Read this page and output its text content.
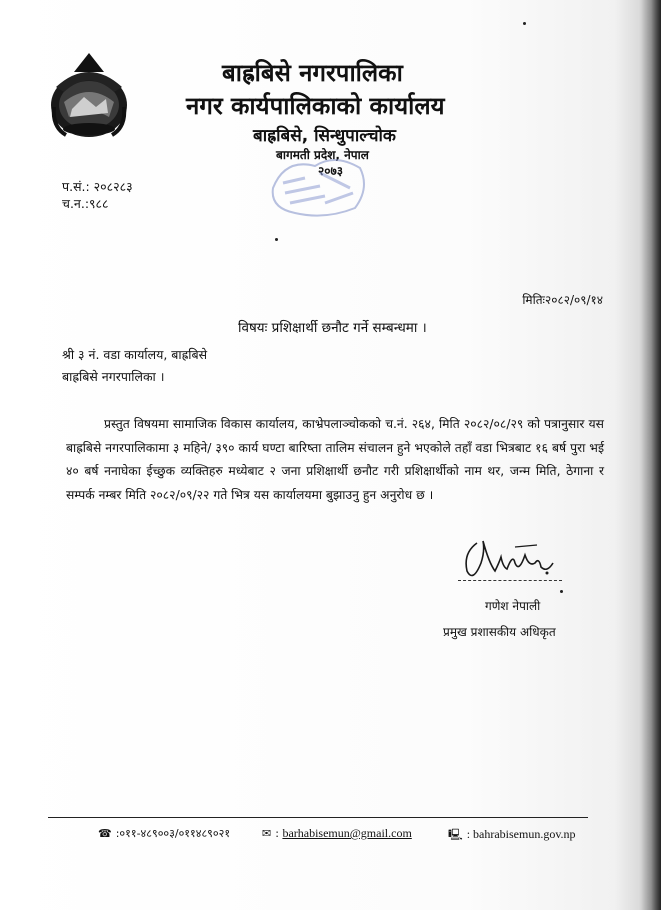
बाह्रबिसे नगरपालिका
नगर कार्यपालिकाको कार्यालय
बाह्रबिसे, सिन्धुपाल्चोक
बागमती प्रदेश, नेपाल
२०७३
प.सं.: २०८२८३
च.न.:९८८
मितिः२०८२/०९/१४
विषयः प्रशिक्षार्थी छनौट गर्ने सम्बन्धमा ।
श्री ३ नं. वडा कार्यालय, बाह्रबिसे
बाह्रबिसे नगरपालिका ।

प्रस्तुत विषयमा सामाजिक विकास कार्यालय, काभ्रेपलाञ्चोकको च.नं. २६४, मिति २०८२/०८/२९ को पत्रानुसार यस बाह्रबिसे नगरपालिकामा ३ महिने/ ३९० कार्य घण्टा बारिष्ता तालिम संचालन हुने भएकोले तहाँ वडा भित्रबाट १६ बर्ष पुरा भई ४० बर्ष ननाघेका ईच्छुक व्यक्तिहरु मध्येबाट २ जना प्रशिक्षार्थी छनौट गरी प्रशिक्षार्थीको नाम थर, जन्म मिति, ठेगाना र सम्पर्क नम्बर मिति २०८२/०९/२२ गते भित्र यस कार्यालयमा बुझाउनु हुन अनुरोध छ ।

गणेश नेपाली
प्रमुख प्रशासकीय अधिकृत
☎ :०११-४८९००३/०११४८९०२१	✉ : barhabisemun@gmail.com	🖳 : bahrabisemun.gov.np
